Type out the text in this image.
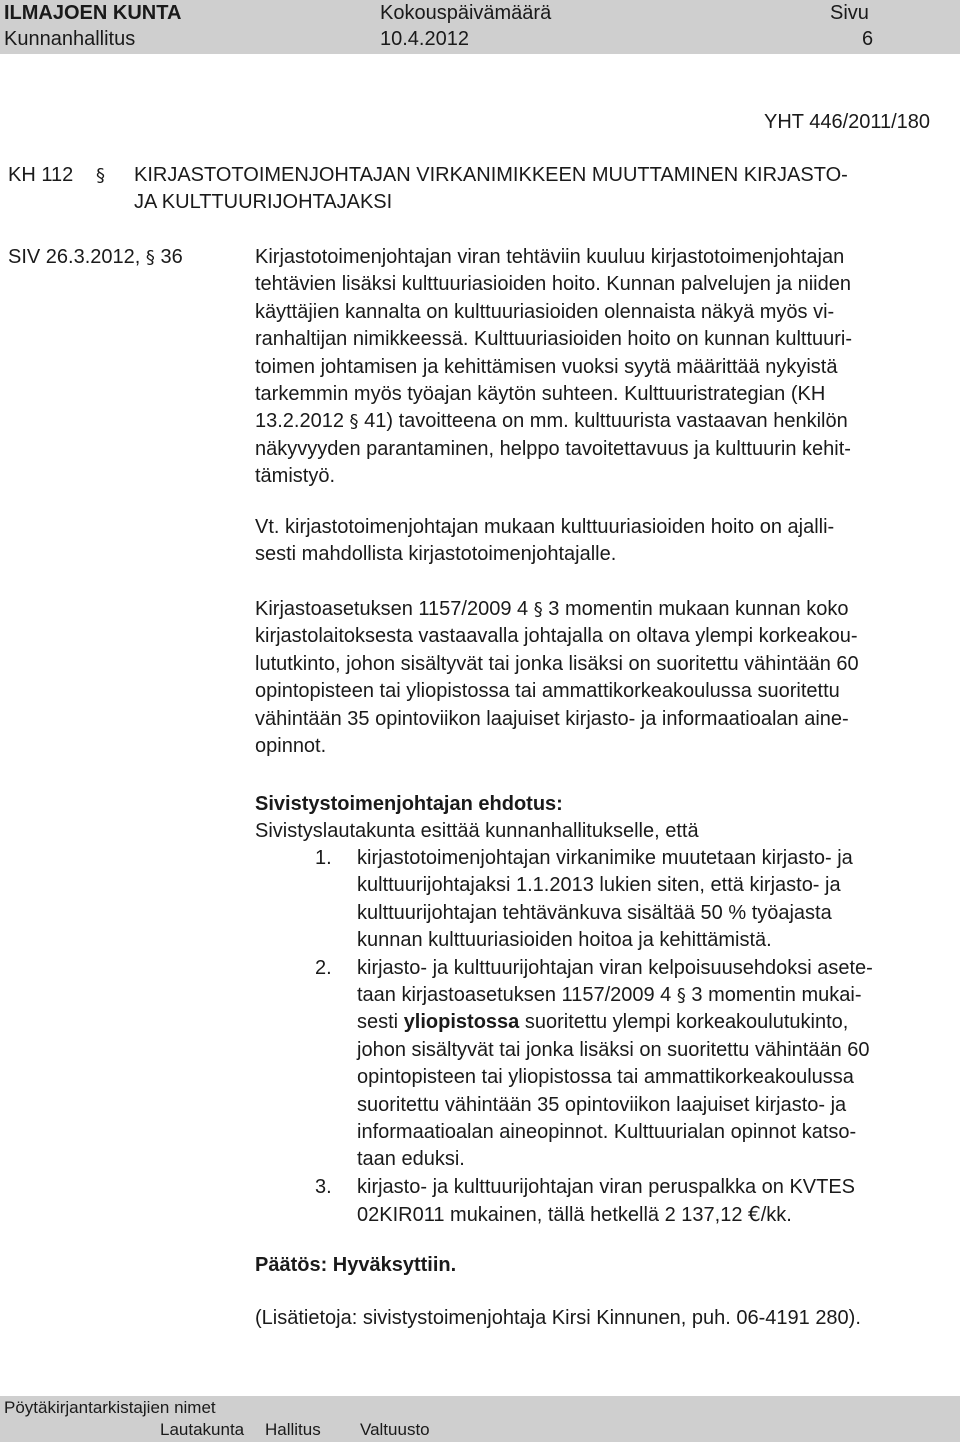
ILMAJOEN KUNTA
Kunnanhallitus
Kokouspäivämäärä
10.4.2012
Sivu
6
YHT 446/2011/180
KH 112 § KIRJASTOTOIMENJOHTAJAN VIRKANIMIKKEEN MUUTTAMINEN KIRJASTO-
JA KULTTUURIJOHTAJAKSI
SIV 26.3.2012, § 36	Kirjastotoimenjohtajan viran tehtäviin kuuluu kirjastotoimenjohtajan
tehtävien lisäksi kulttuuriasioiden hoito. Kunnan palvelujen ja niiden
käyttäjien kannalta on kulttuuriasioiden olennaista näkyä myös vi-
ranhaltijan nimikkeessä. Kulttuuriasioiden hoito on kunnan kulttuuri-
toimen johtamisen ja kehittämisen vuoksi syytä määrittää nykyistä
tarkemmin myös työajan käytön suhteen. Kulttuuristrategian (KH
13.2.2012 § 41) tavoitteena on mm. kulttuurista vastaavan henkilön
näkyvyyden parantaminen, helppo tavoitettavuus ja kulttuurin kehit-
tämistyö.
Vt. kirjastotoimenjohtajan mukaan kulttuuriasioiden hoito on ajalli-
sesti mahdollista kirjastotoimenjohtajalle.
Kirjastoasetuksen 1157/2009 4 § 3 momentin mukaan kunnan koko
kirjastolaitoksesta vastaavalla johtajalla on oltava ylempi korkeakou-
lututkinto, johon sisältyvät tai jonka lisäksi on suoritettu vähintään 60
opintopisteen tai yliopistossa tai ammattikorkeakoulussa suoritettu
vähintään 35 opintoviikon laajuiset kirjasto- ja informaatioalan aine-
opinnot.
Sivistystoimenjohtajan ehdotus:
Sivistyslautakunta esittää kunnanhallitukselle, että
1. kirjastotoimenjohtajan virkanimike muutetaan kirjasto- ja
kulttuurijohtajaksi 1.1.2013 lukien siten, että kirjasto- ja
kulttuurijohtajan tehtävänkuva sisältää 50 % työajasta
kunnan kulttuuriasioiden hoitoa ja kehittämistä.
2. kirjasto- ja kulttuurijohtajan viran kelpoisuusehdoksi asete-
taan kirjastoasetuksen 1157/2009 4 § 3 momentin mukai-
sesti yliopistossa suoritettu ylempi korkeakoulutukinto,
johon sisältyvät tai jonka lisäksi on suoritettu vähintään 60
opintopisteen tai yliopistossa tai ammattikorkeakoulussa
suoritettu vähintään 35 opintoviikon laajuiset kirjasto- ja
informaatioalan aineopinnot. Kulttuurialan opinnot katso-
taan eduksi.
3. kirjasto- ja kulttuurijohtajan viran peruspalkka on KVTES
02KIR011 mukainen, tällä hetkellä 2 137,12 €/kk.
Päätös: Hyväksyttiin.
(Lisätietoja: sivistystoimenjohtaja Kirsi Kinnunen, puh. 06-4191 280).
Pöytäkirjantarkistajien nimet
Lautakunta Hallitus Valtuusto
